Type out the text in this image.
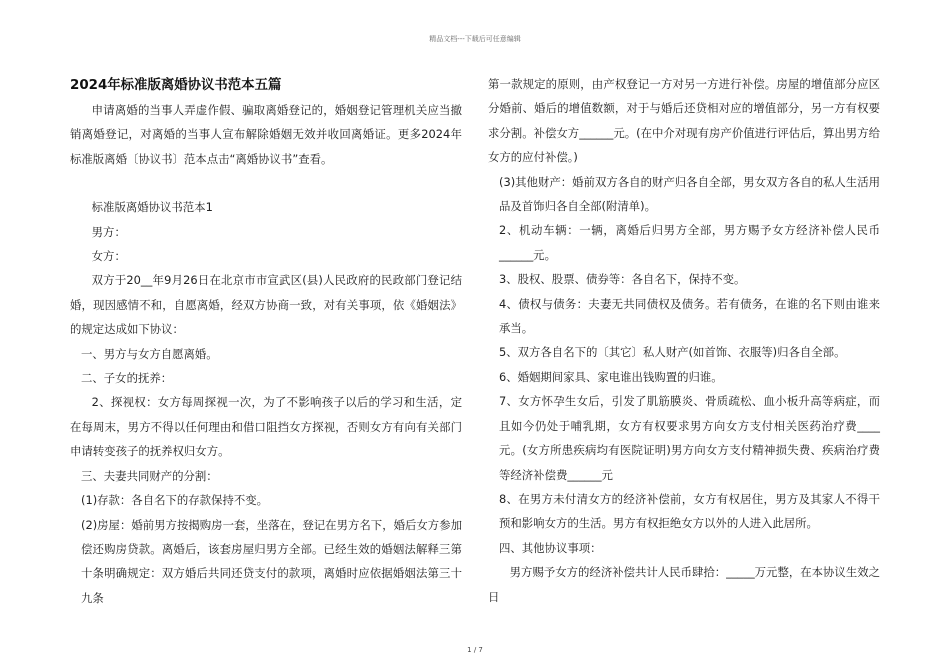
精品文档---下载后可任意编辑
2024年标准版离婚协议书范本五篇

申请离婚的当事人弄虚作假、骗取离婚登记的，婚姻登记管理机关应当撤销离婚登记，对离婚的当事人宣布解除婚姻无效并收回离婚证。更多2024年标准版离婚〔协议书〕范本点击“离婚协议书”查看。

标准版离婚协议书范本1

男方：

女方：

双方于20__年9月26日在北京市市宣武区(县)人民政府的民政部门登记结婚，现因感情不和，自愿离婚，经双方协商一致，对有关事项，依《婚姻法》的规定达成如下协议：

一、男方与女方自愿离婚。

二、子女的抚养：

2、探视权：女方每周探视一次，为了不影响孩子以后的学习和生活，定在每周末，男方不得以任何理由和借口阻挡女方探视，否则女方有向有关部门申请转变孩子的抚养权归女方。

三、夫妻共同财产的分割：

(1)存款：各自名下的存款保持不变。

(2)房屋：婚前男方按揭购房一套，坐落在，登记在男方名下，婚后女方参加偿还购房贷款。离婚后，该套房屋归男方全部。已经生效的婚姻法解释三第十条明确规定：双方婚后共同还贷支付的款项，离婚时应依据婚姻法第三十九条

第一款规定的原则，由产权登记一方对另一方进行补偿。房屋的增值部分应区分婚前、婚后的增值数额，对于与婚后还贷相对应的增值部分，另一方有权要求分割。补偿女方______元。(在中介对现有房产价值进行评估后，算出男方给女方的应付补偿。)

(3)其他财产：婚前双方各自的财产归各自全部，男女双方各自的私人生活用品及首饰归各自全部(附清单)。

2、机动车辆：一辆，离婚后归男方全部，男方赐予女方经济补偿人民币______元。

3、股权、股票、债券等：各自名下，保持不变。

4、债权与债务：夫妻无共同债权及债务。若有债务，在谁的名下则由谁来承当。

5、双方各自名下的〔其它〕私人财产(如首饰、衣服等)归各自全部。

6、婚姻期间家具、家电谁出钱购置的归谁。

7、女方怀孕生女后，引发了肌筋膜炎、骨质疏松、血小板升高等病症，而且如今仍处于哺乳期，女方有权要求男方向女方支付相关医药治疗费____元。(女方所患疾病均有医院证明)男方向女方支付精神损失费、疾病治疗费等经济补偿费______元

8、在男方未付清女方的经济补偿前，女方有权居住，男方及其家人不得干预和影响女方的生活。男方有权拒绝女方以外的人进入此居所。

四、其他协议事项：

男方赐予女方的经济补偿共计人民币肆拾：_____万元整，在本协议生效之日

1 / 7
